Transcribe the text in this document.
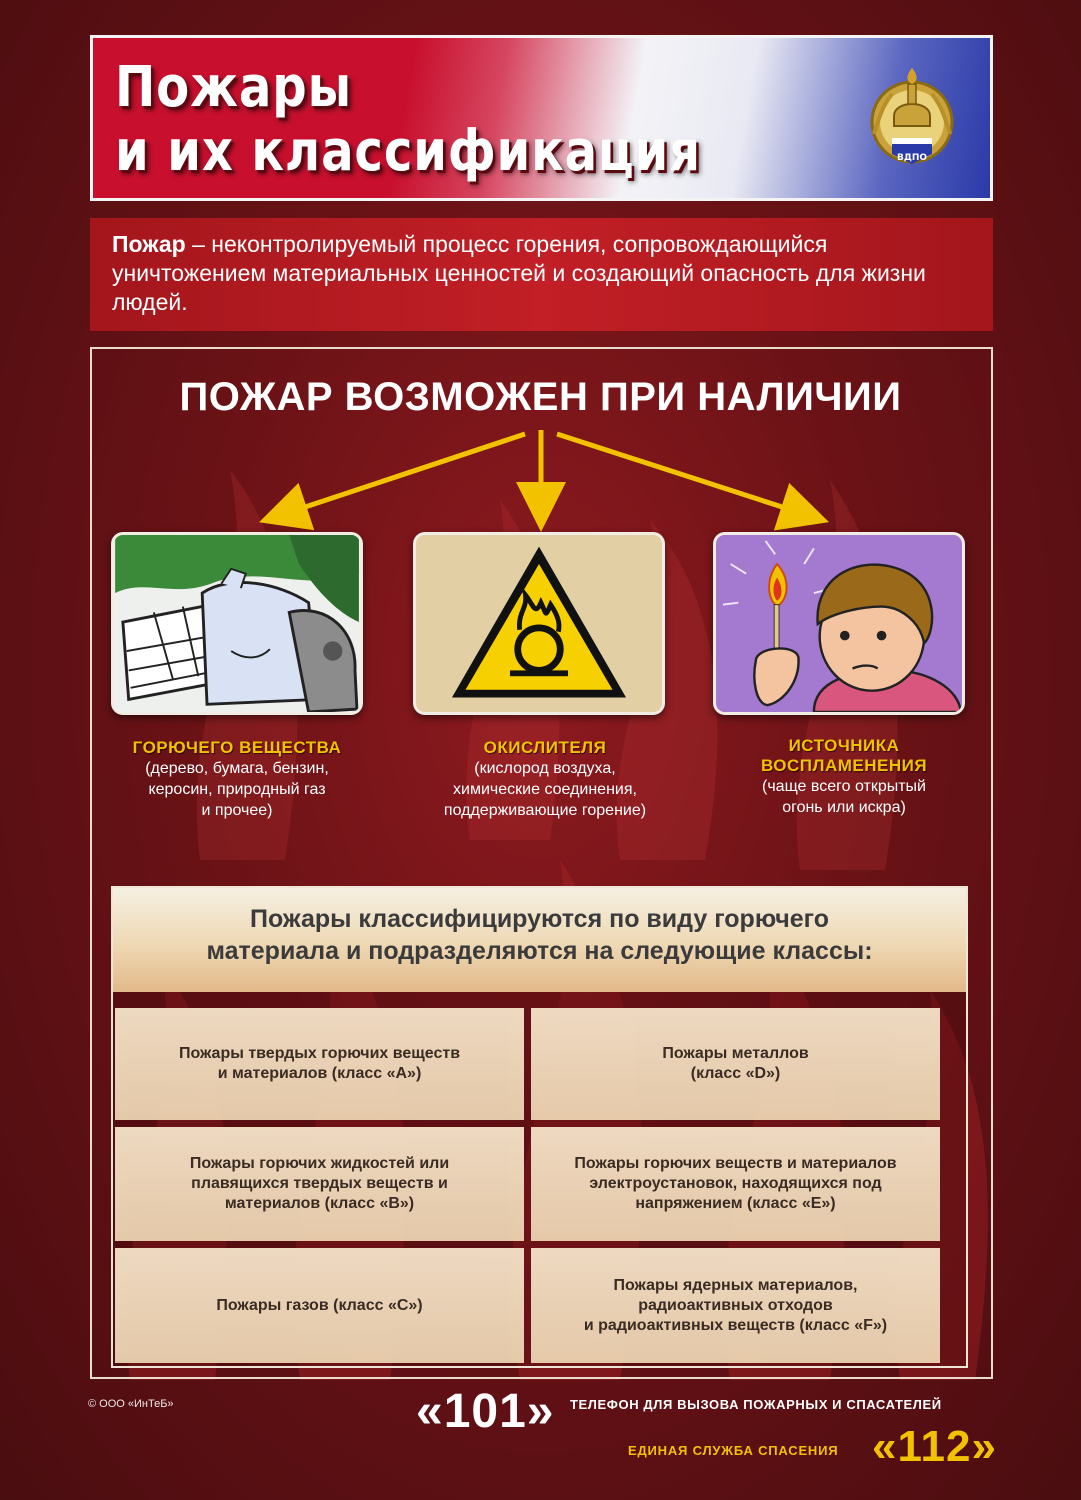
Пожары
и их классификация	ВДПО
Пожар – неконтролируемый процесс горения, сопровождающийся уничтожением материальных ценностей и создающий опасность для жизни людей.
ПОЖАР ВОЗМОЖЕН ПРИ НАЛИЧИИ
ГОРЮЧЕГО ВЕЩЕСТВА
(дерево, бумага, бензин,
керосин, природный газ
и прочее)
ОКИСЛИТЕЛЯ
(кислород воздуха,
химические соединения,
поддерживающие горение)
ИСТОЧНИКА
ВОСПЛАМЕНЕНИЯ
(чаще всего открытый
огонь или искра)
Пожары классифицируются по виду горючего
материала и подразделяются на следующие классы:
Пожары твердых горючих веществ
и материалов (класс «А»)
Пожары металлов
(класс «D»)
Пожары горючих жидкостей или
плавящихся твердых веществ и
материалов (класс «В»)
Пожары горючих веществ и материалов
электроустановок, находящихся под
напряжением (класс «Е»)
Пожары газов (класс «С»)
Пожары ядерных материалов,
радиоактивных отходов
и радиоактивных веществ (класс «F»)
© ООО «ИнТеБ»	«101» ТЕЛЕФОН ДЛЯ ВЫЗОВА ПОЖАРНЫХ И СПАСАТЕЛЕЙ
ЕДИНАЯ СЛУЖБА СПАСЕНИЯ «112»
